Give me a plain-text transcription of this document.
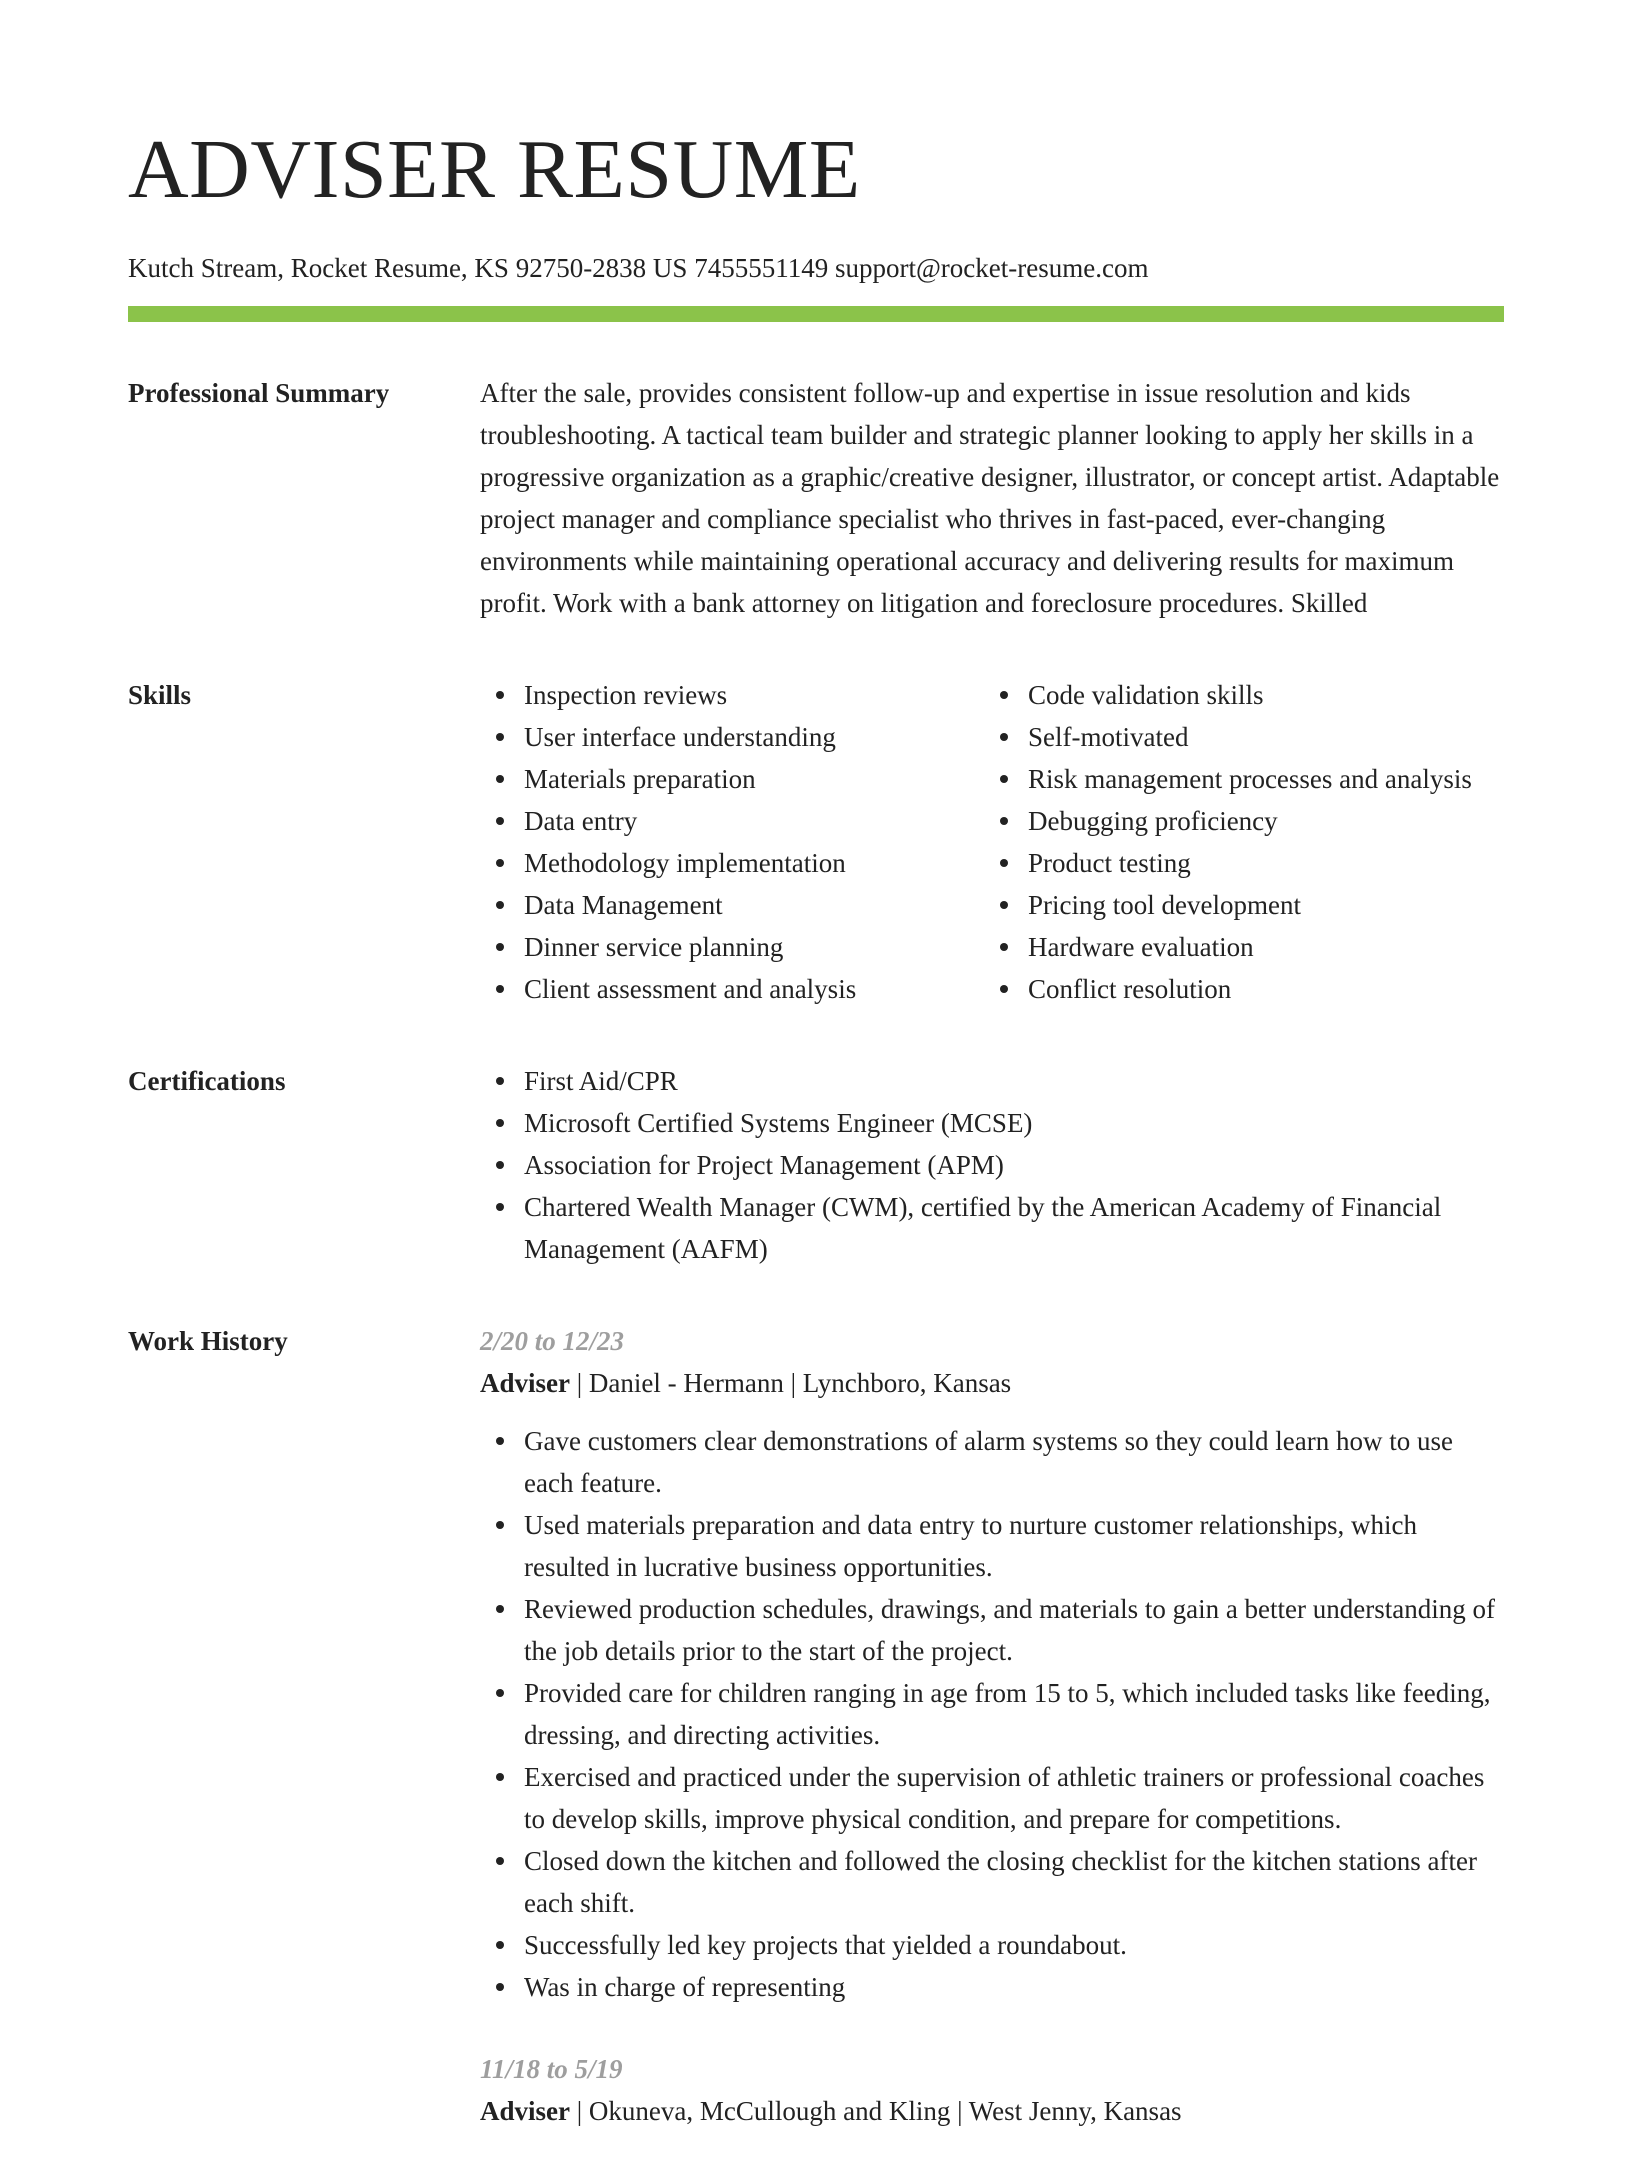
ADVISER RESUME
Kutch Stream, Rocket Resume, KS 92750-2838 US 7455551149 support@rocket-resume.com
Professional Summary	After the sale, provides consistent follow-up and expertise in issue resolution and kids troubleshooting. A tactical team builder and strategic planner looking to apply her skills in a progressive organization as a graphic/creative designer, illustrator, or concept artist. Adaptable project manager and compliance specialist who thrives in fast-paced, ever-changing environments while maintaining operational accuracy and delivering results for maximum profit. Work with a bank attorney on litigation and foreclosure procedures. Skilled

Skills	Inspection reviews
User interface understanding
Materials preparation
Data entry
Methodology implementation
Data Management
Dinner service planning
Client assessment and analysis
Code validation skills
Self-motivated
Risk management processes and analysis
Debugging proficiency
Product testing
Pricing tool development
Hardware evaluation
Conflict resolution
Certifications	First Aid/CPR
Microsoft Certified Systems Engineer (MCSE)
Association for Project Management (APM)
Chartered Wealth Manager (CWM), certified by the American Academy of Financial Management (AAFM)
Work History	2/20 to 12/23
Adviser | Daniel - Hermann | Lynchboro, Kansas
Gave customers clear demonstrations of alarm systems so they could learn how to use each feature.
Used materials preparation and data entry to nurture customer relationships, which resulted in lucrative business opportunities.
Reviewed production schedules, drawings, and materials to gain a better understanding of the job details prior to the start of the project.
Provided care for children ranging in age from 15 to 5, which included tasks like feeding, dressing, and directing activities.
Exercised and practiced under the supervision of athletic trainers or professional coaches to develop skills, improve physical condition, and prepare for competitions.
Closed down the kitchen and followed the closing checklist for the kitchen stations after each shift.
Successfully led key projects that yielded a roundabout.
Was in charge of representing
11/18 to 5/19
Adviser | Okuneva, McCullough and Kling | West Jenny, Kansas
